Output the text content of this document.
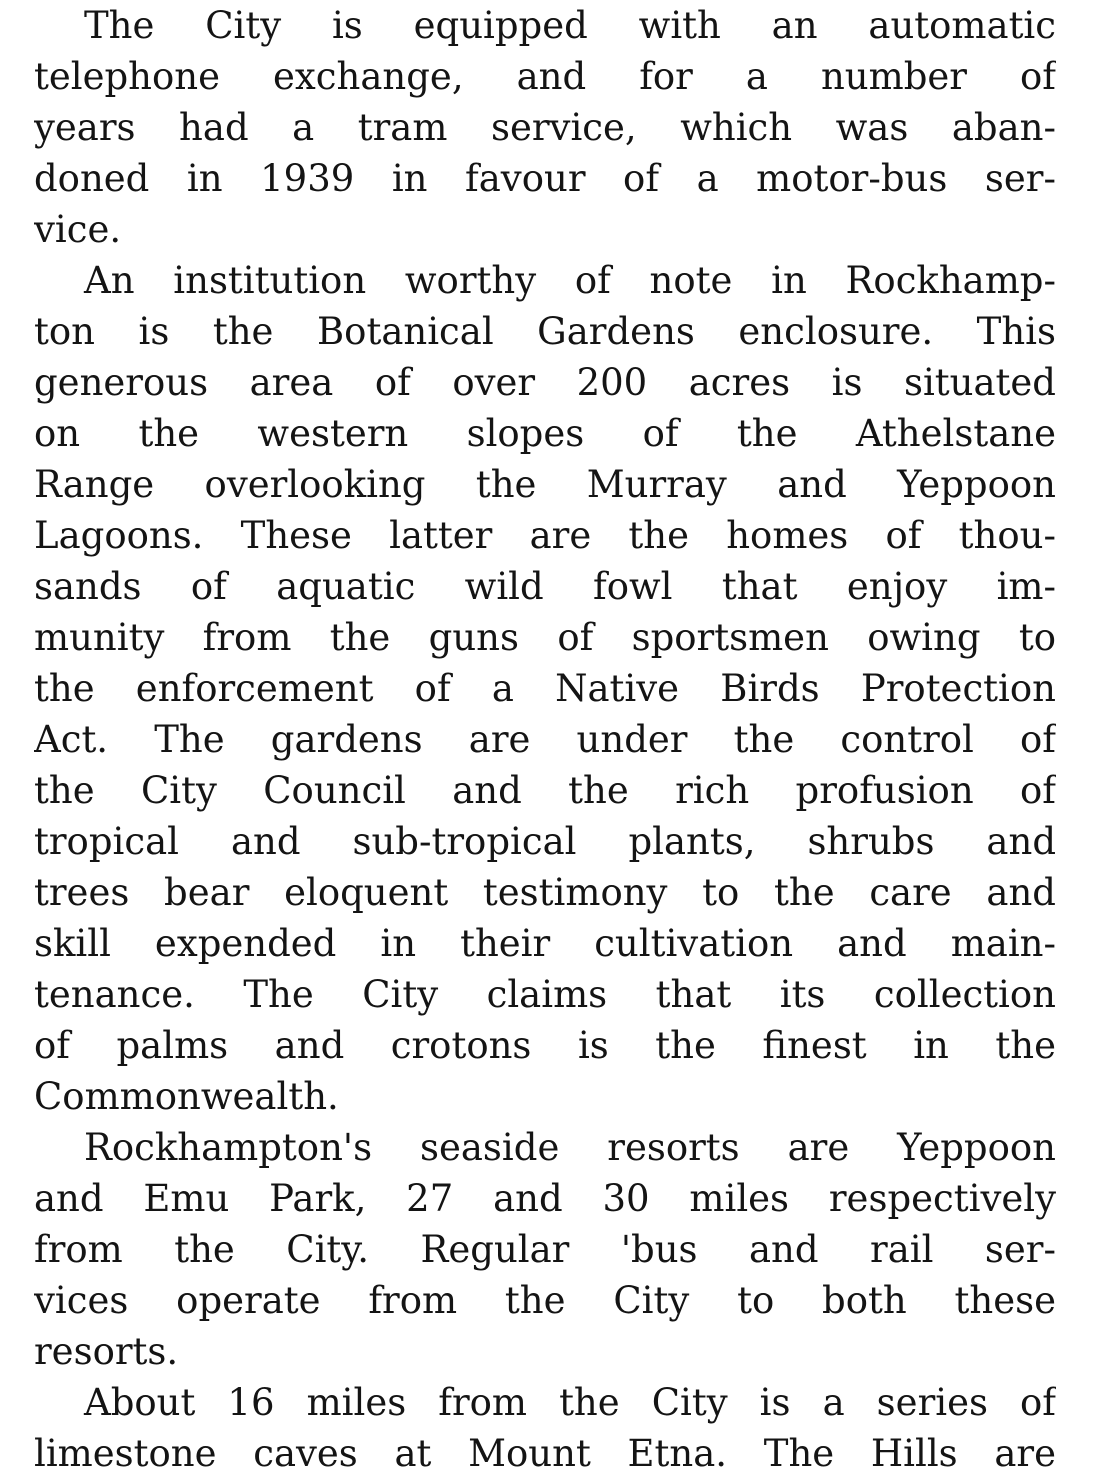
The City is equipped with an automatic
telephone exchange, and for a number of
years had a tram service, which was aban-
doned in 1939 in favour of a motor-bus ser-
vice.

An institution worthy of note in Rockhamp-
ton is the Botanical Gardens enclosure. This
generous area of over 200 acres is situated
on the western slopes of the Athelstane
Range overlooking the Murray and Yeppoon
Lagoons. These latter are the homes of thou-
sands of aquatic wild fowl that enjoy im-
munity from the guns of sportsmen owing to
the enforcement of a Native Birds Protection
Act. The gardens are under the control of
the City Council and the rich profusion of
tropical and sub-tropical plants, shrubs and
trees bear eloquent testimony to the care and
skill expended in their cultivation and main-
tenance. The City claims that its collection
of palms and crotons is the finest in the
Commonwealth.

Rockhampton's seaside resorts are Yeppoon
and Emu Park, 27 and 30 miles respectively
from the City. Regular 'bus and rail ser-
vices operate from the City to both these
resorts.

About 16 miles from the City is a series of
limestone caves at Mount Etna. The Hills are
